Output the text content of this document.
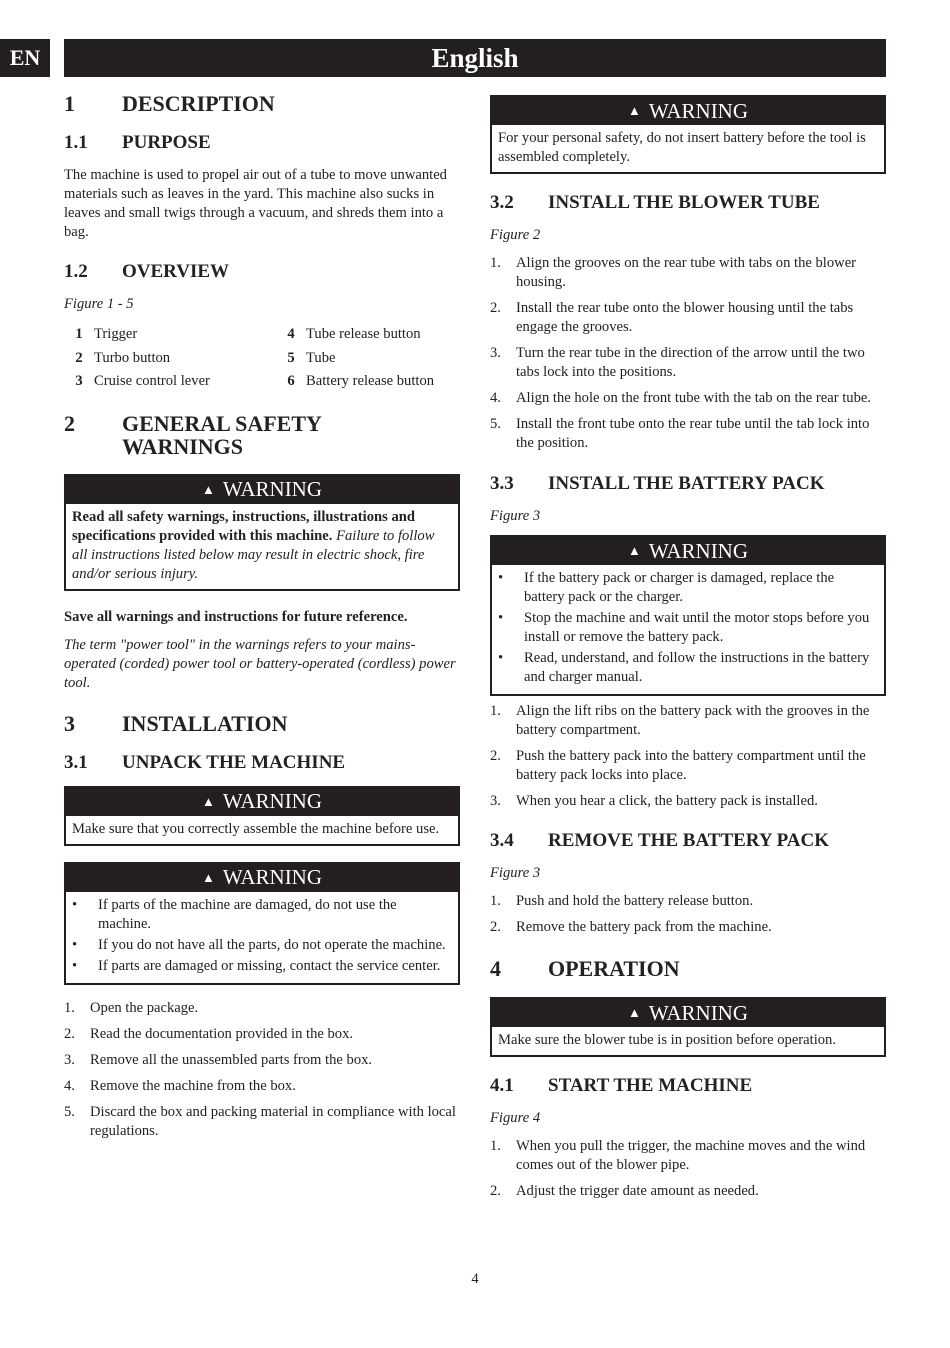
EN	English
1	DESCRIPTION
1.1	PURPOSE

The machine is used to propel air out of a tube to move unwanted materials such as leaves in the yard. This machine also sucks in leaves and small twigs through a vacuum, and shreds them into a bag.

1.2	OVERVIEW
Figure 1 - 5
1 Trigger	4 Tube release button
2 Turbo button	5 Tube
3 Cruise control lever	6 Battery release button
2	GENERAL SAFETY
WARNINGS
▲ WARNING
Read all safety warnings, instructions, illustrations and specifications provided with this machine. Failure to follow all instructions listed below may result in electric shock, fire and/or serious injury.

Save all warnings and instructions for future reference.

The term "power tool" in the warnings refers to your mains-operated (corded) power tool or battery-operated (cordless) power tool.

3	INSTALLATION
3.1	UNPACK THE MACHINE
▲ WARNING
Make sure that you correctly assemble the machine before use.
▲ WARNING
•	If parts of the machine are damaged, do not use the machine.
•	If you do not have all the parts, do not operate the machine.
•	If parts are damaged or missing, contact the service center.
1.	Open the package.
2.	Read the documentation provided in the box.
3.	Remove all the unassembled parts from the box.
4.	Remove the machine from the box.
5.	Discard the box and packing material in compliance with local regulations.
▲ WARNING
For your personal safety, do not insert battery before the tool is assembled completely.
3.2	INSTALL THE BLOWER TUBE
Figure 2
1.	Align the grooves on the rear tube with tabs on the blower housing.
2.	Install the rear tube onto the blower housing until the tabs engage the grooves.
3.	Turn the rear tube in the direction of the arrow until the two tabs lock into the positions.
4.	Align the hole on the front tube with the tab on the rear tube.
5.	Install the front tube onto the rear tube until the tab lock into the position.
3.3	INSTALL THE BATTERY PACK
Figure 3
▲ WARNING
•	If the battery pack or charger is damaged, replace the battery pack or the charger.
•	Stop the machine and wait until the motor stops before you install or remove the battery pack.
•	Read, understand, and follow the instructions in the battery and charger manual.
1.	Align the lift ribs on the battery pack with the grooves in the battery compartment.
2.	Push the battery pack into the battery compartment until the battery pack locks into place.
3.	When you hear a click, the battery pack is installed.
3.4	REMOVE THE BATTERY PACK
Figure 3
1.	Push and hold the battery release button.
2.	Remove the battery pack from the machine.
4	OPERATION
▲ WARNING
Make sure the blower tube is in position before operation.
4.1	START THE MACHINE
Figure 4
1.	When you pull the trigger, the machine moves and the wind comes out of the blower pipe.
2.	Adjust the trigger date amount as needed.
4
